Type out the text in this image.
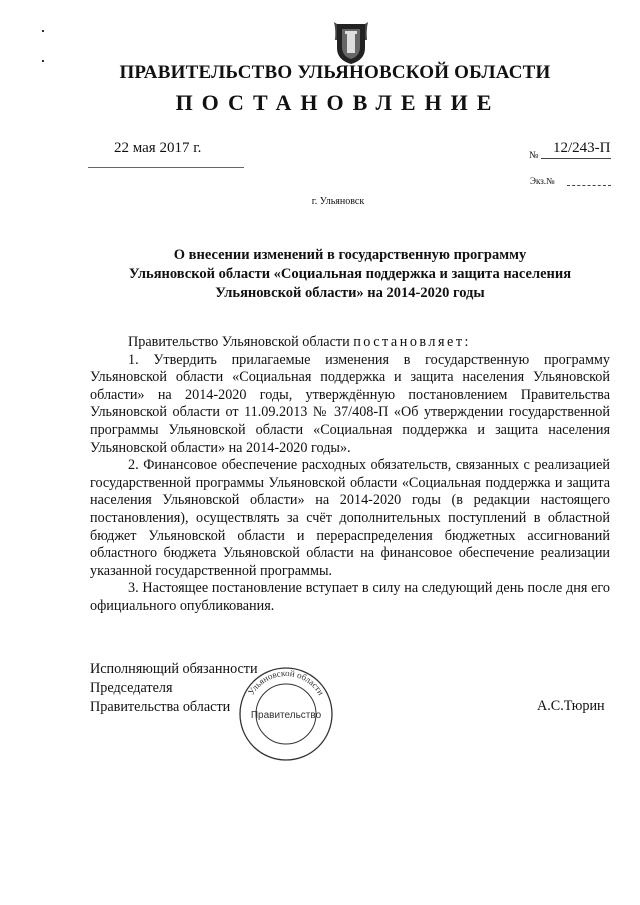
ПРАВИТЕЛЬСТВО УЛЬЯНОВСКОЙ ОБЛАСТИ
ПОСТАНОВЛЕНИЕ
22 мая 2017 г.	№ 12/243-П
Экз.№
г. Ульяновск
О внесении изменений в государственную программу
Ульяновской области «Социальная поддержка и защита населения
Ульяновской области» на 2014-2020 годы

Правительство Ульяновской области постановляет:

1. Утвердить прилагаемые изменения в государственную программу Ульяновской области «Социальная поддержка и защита населения Ульяновской области» на 2014-2020 годы, утверждённую постановлением Правительства Ульяновской области от 11.09.2013 № 37/408-П «Об утверждении государственной программы Ульяновской области «Социальная поддержка и защита населения Ульяновской области» на 2014-2020 годы».

2. Финансовое обеспечение расходных обязательств, связанных с реализацией государственной программы Ульяновской области «Социальная поддержка и защита населения Ульяновской области» на 2014-2020 годы (в редакции настоящего постановления), осуществлять за счёт дополнительных поступлений в областной бюджет Ульяновской области и перераспределения бюджетных ассигнований областного бюджета Ульяновской области на финансовое обеспечение реализации указанной государственной программы.

3. Настоящее постановление вступает в силу на следующий день после дня его официального опубликования.

Исполняющий обязанности
Председателя
Правительства области
Ульяновской области
Правительство
А.С.Тюрин
